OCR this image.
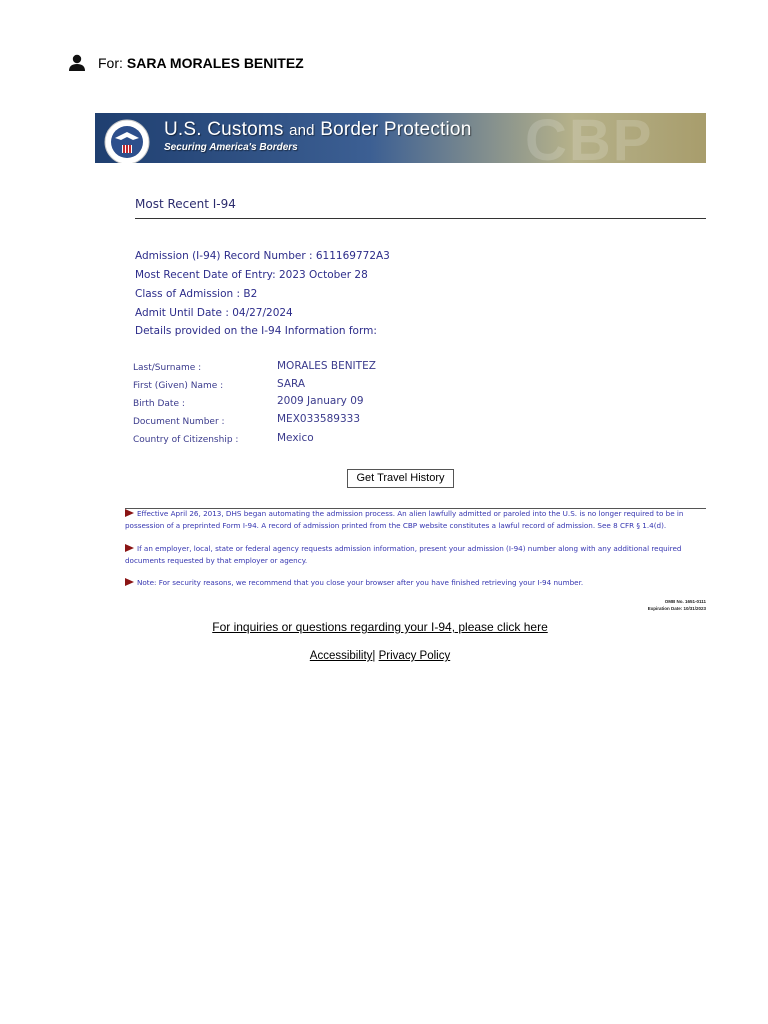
For: SARA MORALES BENITEZ
CBP
U.S. Customs and Border Protection
Securing America's Borders
Most Recent I-94
Admission (I-94) Record Number : 611169772A3
Most Recent Date of Entry: 2023 October 28
Class of Admission : B2
Admit Until Date : 04/27/2024
Details provided on the I-94 Information form:
Last/Surname :	MORALES BENITEZ
First (Given) Name :	SARA
Birth Date :	2009 January 09
Document Number :	MEX033589333
Country of Citizenship :	Mexico
Get Travel History
Effective April 26, 2013, DHS began automating the admission process. An alien lawfully admitted or paroled into the U.S. is no longer required to be in possession of a preprinted Form I-94. A record of admission printed from the CBP website constitutes a lawful record of admission. See 8 CFR § 1.4(d).
If an employer, local, state or federal agency requests admission information, present your admission (I-94) number along with any additional required documents requested by that employer or agency.
Note: For security reasons, we recommend that you close your browser after you have finished retrieving your I-94 number.
OMB No. 1651-0111
Expiration Date: 10/31/2023
For inquiries or questions regarding your I-94, please click here
Accessibility| Privacy Policy
